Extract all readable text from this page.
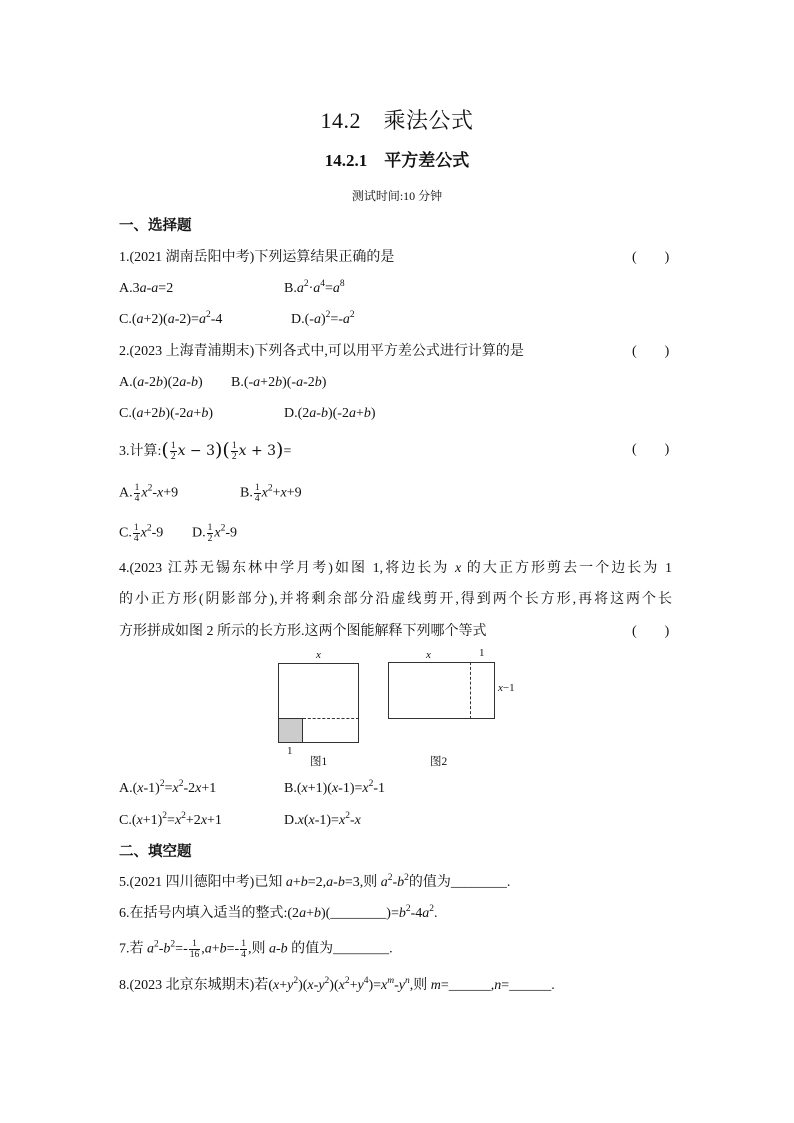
14.2　乘法公式
14.2.1　平方差公式
测试时间:10 分钟
一、选择题
二、填空题
1.(2021 湖南岳阳中考)下列运算结果正确的是	(　　)
A.3a-a=2	$B.a^2\cdot a^4=a^8$
$C.(a+2)(a-2)=a^2-4$	$D.(-a)^2=-a^2$
2.(2023 上海青浦期末)下列各式中,可以用平方差公式进行计算的是	(　　)
A.(a-2b)(2a-b) B.(-a+2b)(-a-2b)
C.(a+2b)(-2a+b)	D.(2a-b)(-2a+b)
3.计算:( $\frac{1}{2}$ $x - 3)( \frac{1}{2}$ x + 3)=	(　　)
A. $\frac{1}{4} x^2-x+9$	B. $\frac{1}{4} x^2+x+9$
C. $\frac{1}{4} x^2-9$ D. $\frac{1}{2} x^2-9$
4.(2023 江苏无锡东林中学月考)如图 1,将边长为 x 的大正方形剪去一个边长为 1
的小正方形(阴影部分),并将剩余部分沿虚线剪开,得到两个长方形,再将这两个长
方形拼成如图 2 所示的长方形.这两个图能解释下列哪个等式	(　　)
$A.(x-1)^2=x^2-2x+1$	$B.(x+1)(x-1)=x^2-1$
$C.(x+1)^2=x^2+2x+1$	$D.x(x-1)=x^2-x$
5.(2021 四川德阳中考)已知 a+b=2,a-b=3,则 $a^2-b^2$的值为________.
6.在括号内填入适当的整式$:(2a+b)(\_\_\_\_\_\_\_\_)=b^2-4a^2$.
7.若 $a^2-b^2=- \frac{1}{16} ,a+b=- \frac{1}{4}$ ,则 a-b 的值为________.
8.(2023 北京东城期末)若$(x+y^2)(x-y^2)(x^2+y^4)=x^m-y^n$,则 m=______,n=______.
x
1
图1
x	1
x−1
图2
